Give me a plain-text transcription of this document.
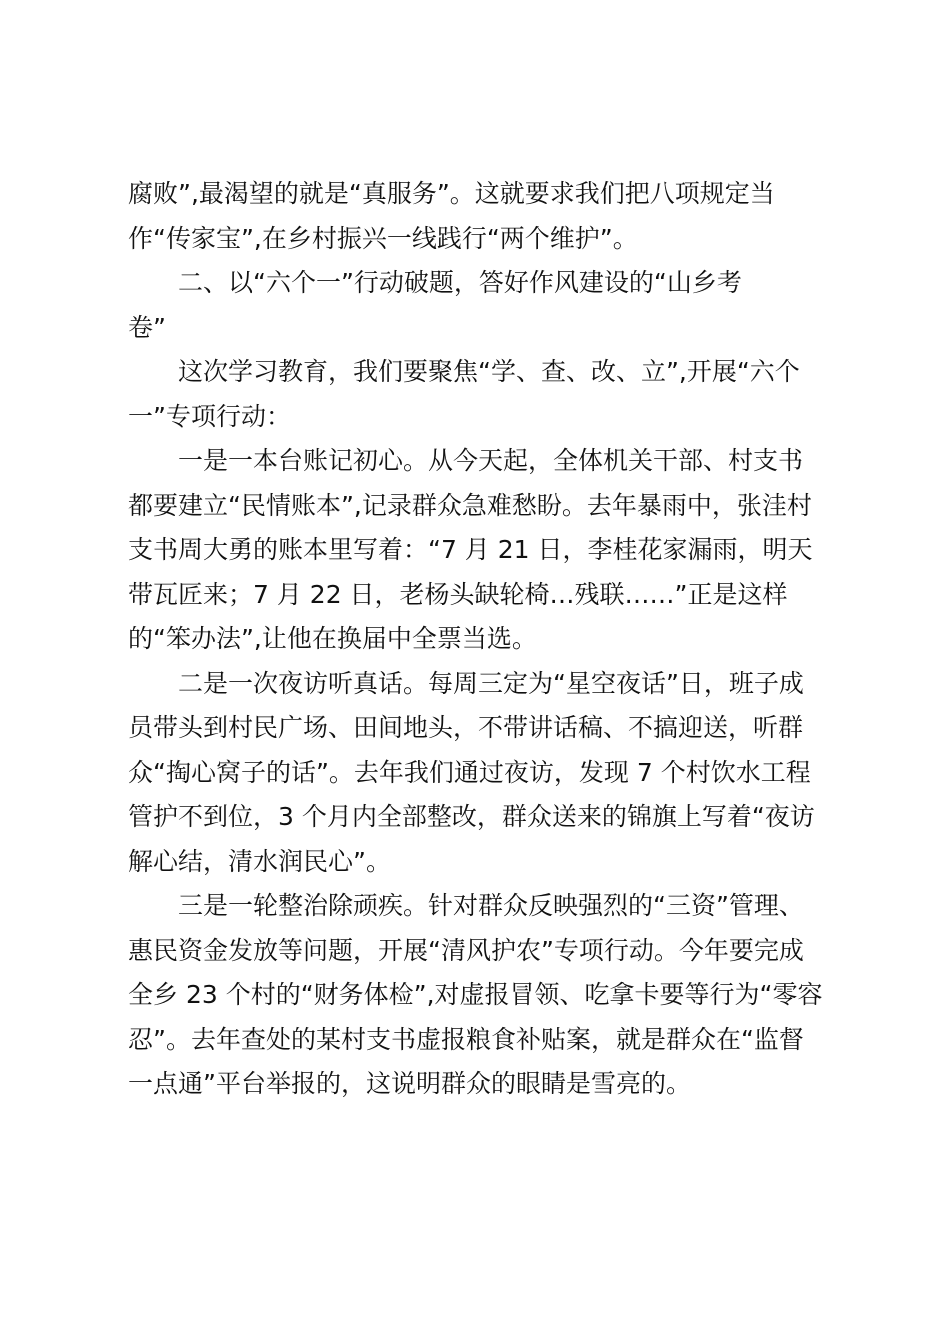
腐败”,最渴望的就是“真服务”。这就要求我们把八项规定当
作“传家宝”,在乡村振兴一线践行“两个维护”。
二、以“六个一”行动破题，答好作风建设的“山乡考
卷”
这次学习教育，我们要聚焦“学、查、改、立”,开展“六个
一”专项行动：
一是一本台账记初心。从今天起，全体机关干部、村支书
都要建立“民情账本”,记录群众急难愁盼。去年暴雨中，张洼村
支书周大勇的账本里写着：“7 月 21 日，李桂花家漏雨，明天
带瓦匠来；7 月 22 日，老杨头缺轮椅…残联……”正是这样
的“笨办法”,让他在换届中全票当选。
二是一次夜访听真话。每周三定为“星空夜话”日，班子成
员带头到村民广场、田间地头，不带讲话稿、不搞迎送，听群
众“掏心窝子的话”。去年我们通过夜访，发现 7 个村饮水工程
管护不到位，3 个月内全部整改，群众送来的锦旗上写着“夜访
解心结，清水润民心”。
三是一轮整治除顽疾。针对群众反映强烈的“三资”管理、
惠民资金发放等问题，开展“清风护农”专项行动。今年要完成
全乡 23 个村的“财务体检”,对虚报冒领、吃拿卡要等行为“零容
忍”。去年查处的某村支书虚报粮食补贴案，就是群众在“监督
一点通”平台举报的，这说明群众的眼睛是雪亮的。
